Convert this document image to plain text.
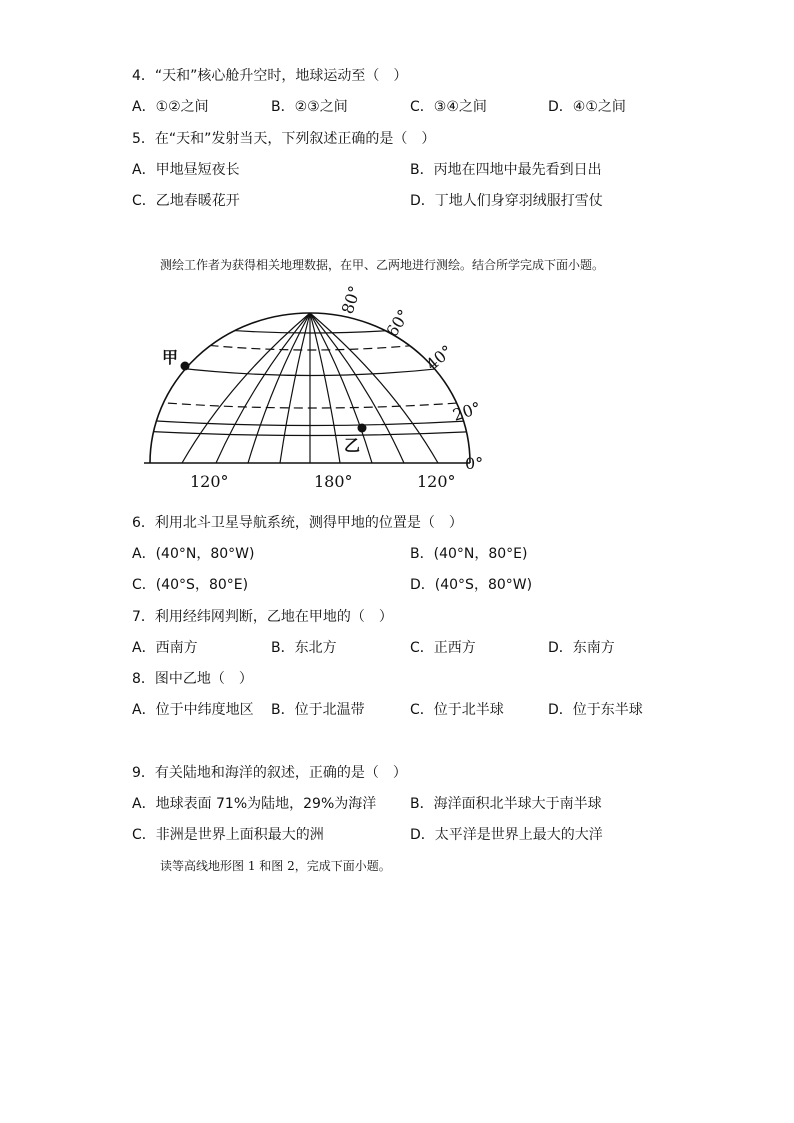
4．“天和”核心舱升空时，地球运动至（　）
A．①②之间	B．②③之间	C．③④之间	D．④①之间
5．在“天和”发射当天，下列叙述正确的是（　）
A．甲地昼短夜长	B．丙地在四地中最先看到日出
C．乙地春暖花开	D．丁地人们身穿羽绒服打雪仗
测绘工作者为获得相关地理数据，在甲、乙两地进行测绘。结合所学完成下面小题。
甲
乙
80°
60°
40°
20°
0°
120°	180°	120°
6．利用北斗卫星导航系统，测得甲地的位置是（　）
A．(40°N，80°W)	B．(40°N，80°E)
C．(40°S，80°E)	D．(40°S，80°W)
7．利用经纬网判断，乙地在甲地的（　）
A．西南方	B．东北方	C．正西方	D．东南方
8．图中乙地（　）
A．位于中纬度地区 B．位于北温带	C．位于北半球	D．位于东半球
9．有关陆地和海洋的叙述，正确的是（　）
A．地球表面 71%为陆地，29%为海洋 B．海洋面积北半球大于南半球
C．非洲是世界上面积最大的洲	D．太平洋是世界上最大的大洋
读等高线地形图 1 和图 2，完成下面小题。
